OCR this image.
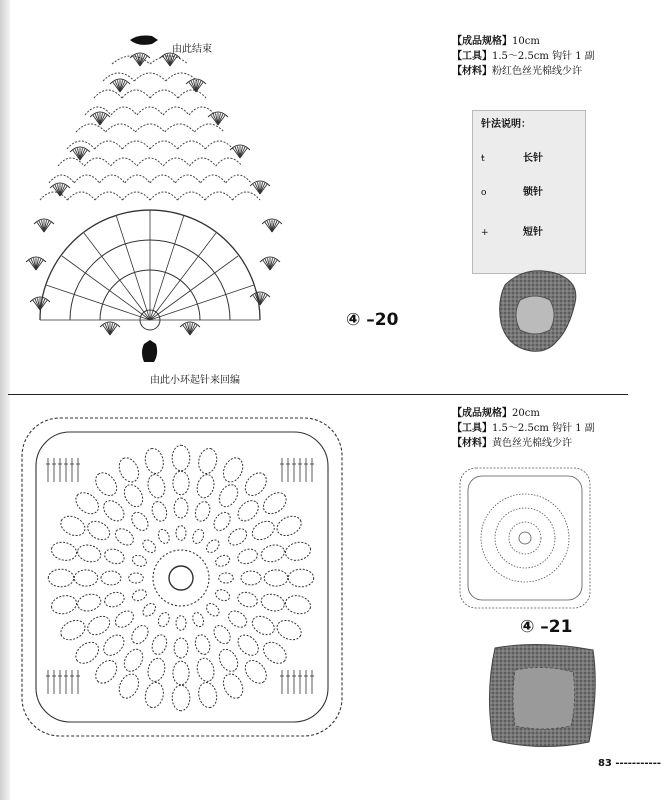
由此结束
由此小环起针来回编
【成品规格】10cm
【工具】1.5～2.5cm 钩针 1 副
【材料】粉红色丝光棉线少许
针法说明：
ŧ	长针
o	锁针
+	短针
④ –20
【成品规格】20cm
【工具】1.5～2.5cm 钩针 1 副
【材料】黄色丝光棉线少许
④ –21
83 -----------
